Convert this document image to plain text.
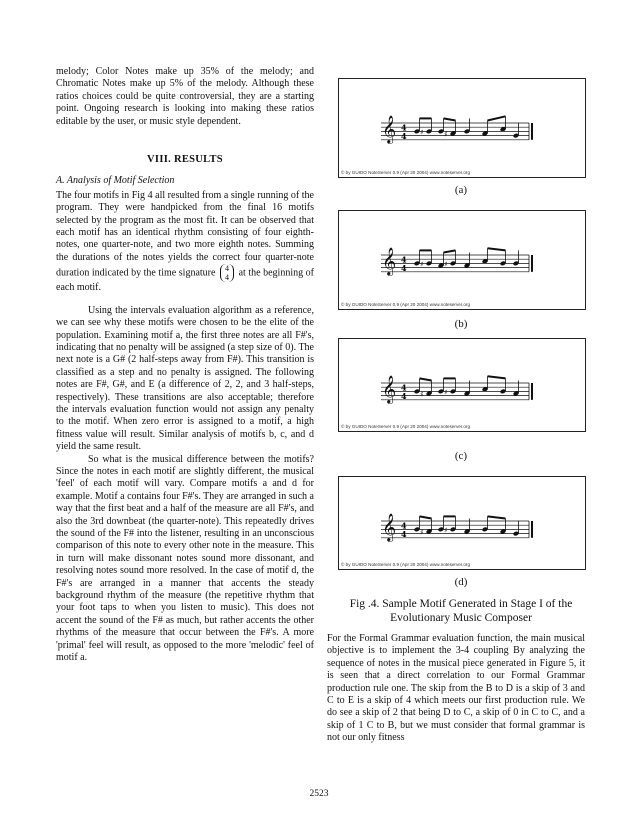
melody; Color Notes make up 35% of the melody; and Chromatic Notes make up 5% of the melody. Although these ratios choices could be quite controversial, they are a starting point. Ongoing research is looking into making these ratios editable by the user, or music style dependent.

VIII. RESULTS
A. Analysis of Motif Selection

The four motifs in Fig 4 all resulted from a single running of the program. They were handpicked from the final 16 motifs selected by the program as the most fit. It can be observed that each motif has an identical rhythm consisting of four eighth-notes, one quarter-note, and two more eighth notes. Summing the durations of the notes yields the correct four quarter-note duration indicated by the time signature 4
4 at the beginning of each motif.

Using the intervals evaluation algorithm as a reference, we can see why these motifs were chosen to be the elite of the population. Examining motif a, the first three notes are all F#'s, indicating that no penalty will be assigned (a step size of 0). The next note is a G# (2 half-steps away from F#). This transition is classified as a step and no penalty is assigned. The following notes are F#, G#, and E (a difference of 2, 2, and 3 half-steps, respectively). These transitions are also acceptable; therefore the intervals evaluation function would not assign any penalty to the motif. When zero error is assigned to a motif, a high fitness value will result. Similar analysis of motifs b, c, and d yield the same result.

So what is the musical difference between the motifs? Since the notes in each motif are slightly different, the musical 'feel' of each motif will vary. Compare motifs a and d for example. Motif a contains four F#'s. They are arranged in such a way that the first beat and a half of the measure are all F#'s, and also the 3rd downbeat (the quarter-note). This repeatedly drives the sound of the F# into the listener, resulting in an unconscious comparison of this note to every other note in the measure. This in turn will make dissonant notes sound more dissonant, and resolving notes sound more resolved. In the case of motif d, the F#'s are arranged in a manner that accents the steady background rhythm of the measure (the repetitive rhythm that your foot taps to when you listen to music). This does not accent the sound of the F# as much, but rather accents the other rhythms of the measure that occur between the F#'s. A more 'primal' feel will result, as opposed to the more 'melodic' feel of motif a.

𝄞 4
4 ♯	♯
© by GUIDO NoteServer 0.9 (Apr 20 2004) www.noteserver.org
(a)
𝄞 4
4 ♯	♯
© by GUIDO NoteServer 0.9 (Apr 20 2004) www.noteserver.org
(b)
𝄞 4
4 ♯	♯
© by GUIDO NoteServer 0.9 (Apr 20 2004) www.noteserver.org
(c)
𝄞 4
4 ♯	♯
© by GUIDO NoteServer 0.9 (Apr 20 2004) www.noteserver.org
(d)
Fig .4. Sample Motif Generated in Stage I of the
Evolutionary Music Composer

For the Formal Grammar evaluation function, the main musical objective is to implement the 3-4 coupling By analyzing the sequence of notes in the musical piece generated in Figure 5, it is seen that a direct correlation to our Formal Grammar production rule one. The skip from the B to D is a skip of 3 and C to E is a skip of 4 which meets our first production rule. We do see a skip of 2 that being D to C, a skip of 0 in C to C, and a skip of 1 C to B, but we must consider that formal grammar is not our only fitness

2523
